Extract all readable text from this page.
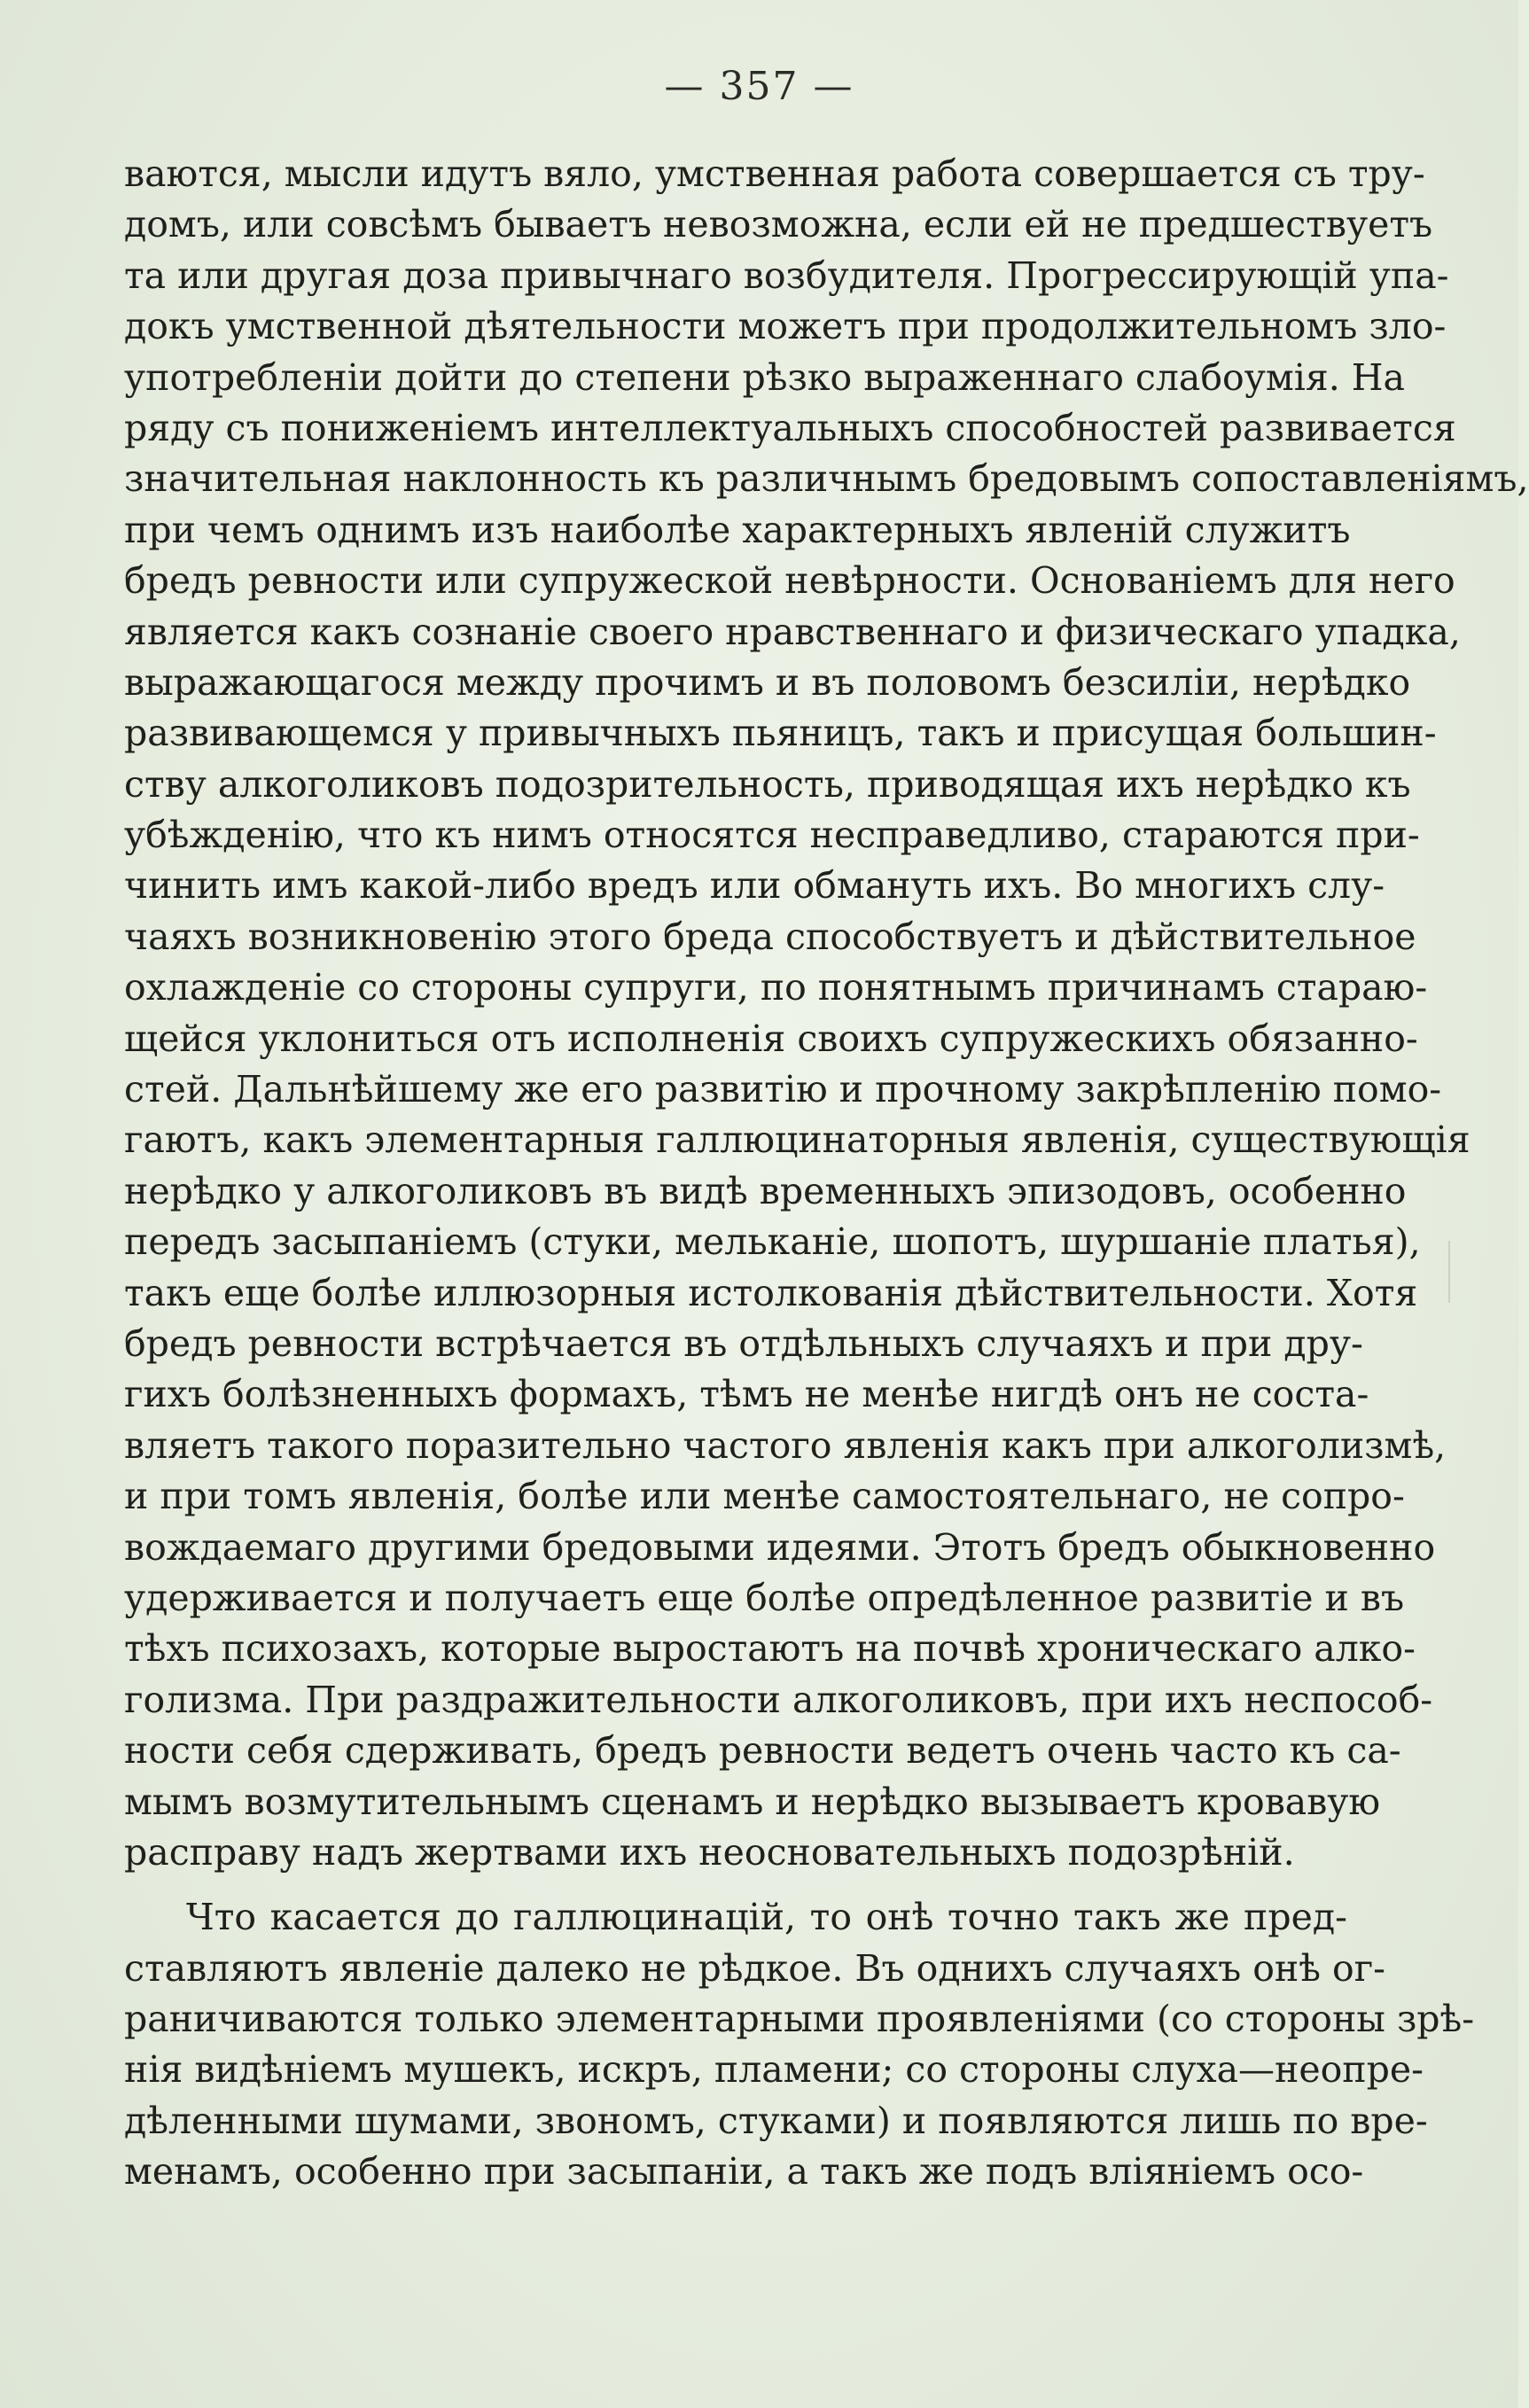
— 357 —

ваются, мысли идутъ вяло, умственная работа совершается съ тру-

домъ, или совсѣмъ бываетъ невозможна, если ей не предшествуетъ

та или другая доза привычнаго возбудителя. Прогрессирующій упа-

докъ умственной дѣятельности можетъ при продолжительномъ зло-

употребленіи дойти до степени рѣзко выраженнаго слабоумія. На

ряду съ пониженіемъ интеллектуальныхъ способностей развивается

значительная наклонность къ различнымъ бредовымъ сопоставленіямъ,

при чемъ однимъ изъ наиболѣе характерныхъ явленій служитъ

бредъ ревности или супружеской невѣрности. Основаніемъ для него

является какъ сознаніе своего нравственнаго и физическаго упадка,

выражающагося между прочимъ и въ половомъ безсиліи, нерѣдко

развивающемся у привычныхъ пьяницъ, такъ и присущая большин-

ству алкоголиковъ подозрительность, приводящая ихъ нерѣдко къ

убѣжденію, что къ нимъ относятся несправедливо, стараются при-

чинить имъ какой-либо вредъ или обмануть ихъ. Во многихъ слу-

чаяхъ возникновенію этого бреда способствуетъ и дѣйствительное

охлажденіе со стороны супруги, по понятнымъ причинамъ стараю-

щейся уклониться отъ исполненія своихъ супружескихъ обязанно-

стей. Дальнѣйшему же его развитію и прочному закрѣпленію помо-

гаютъ, какъ элементарныя галлюцинаторныя явленія, существующія

нерѣдко у алкоголиковъ въ видѣ временныхъ эпизодовъ, особенно

передъ засыпаніемъ (стуки, мельканіе, шопотъ, шуршаніе платья),

такъ еще болѣе иллюзорныя истолкованія дѣйствительности. Хотя

бредъ ревности встрѣчается въ отдѣльныхъ случаяхъ и при дру-

гихъ болѣзненныхъ формахъ, тѣмъ не менѣе нигдѣ онъ не соста-

вляетъ такого поразительно частого явленія какъ при алкоголизмѣ,

и при томъ явленія, болѣе или менѣе самостоятельнаго, не сопро-

вождаемаго другими бредовыми идеями. Этотъ бредъ обыкновенно

удерживается и получаетъ еще болѣе опредѣленное развитіе и въ

тѣхъ психозахъ, которые выростаютъ на почвѣ хроническаго алко-

голизма. При раздражительности алкоголиковъ, при ихъ неспособ-

ности себя сдерживать, бредъ ревности ведетъ очень часто къ са-

мымъ возмутительнымъ сценамъ и нерѣдко вызываетъ кровавую

расправу надъ жертвами ихъ неосновательныхъ подозрѣній.

Что касается до галлюцинацій, то онѣ точно такъ же пред-

ставляютъ явленіе далеко не рѣдкое. Въ однихъ случаяхъ онѣ ог-

раничиваются только элементарными проявленіями (со стороны зрѣ-

нія видѣніемъ мушекъ, искръ, пламени; со стороны слуха—неопре-

дѣленными шумами, звономъ, стуками) и появляются лишь по вре-

менамъ, особенно при засыпаніи, а такъ же подъ вліяніемъ осо-
